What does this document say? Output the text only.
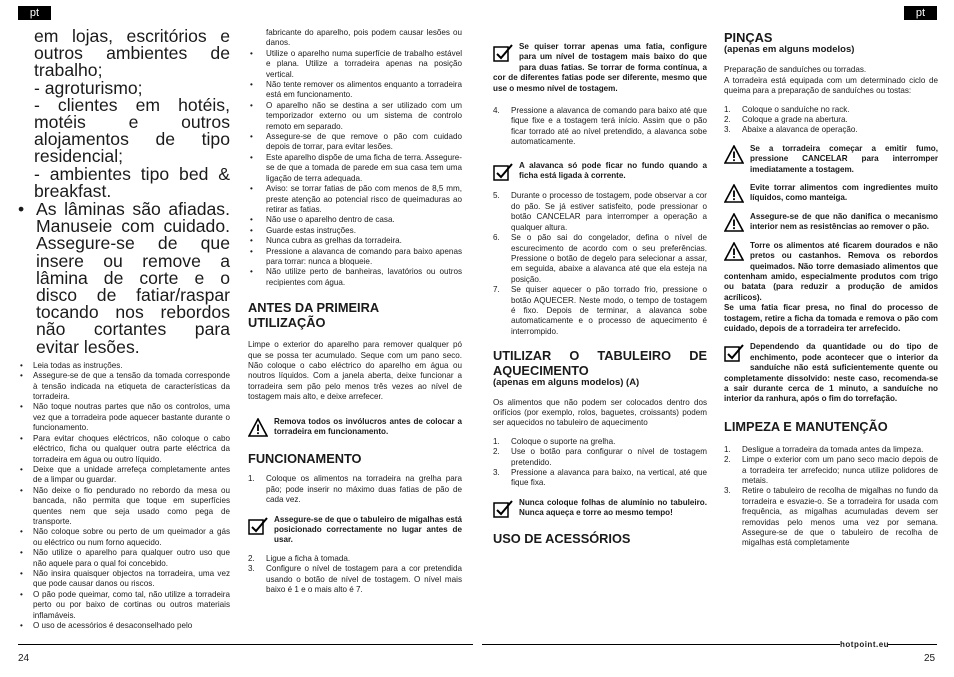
pt	pt

em lojas, escritórios e outros ambientes de trabalho;

- agroturismo;

- clientes em hotéis, motéis e outros alojamentos de tipo residencial;

- ambientes tipo bed & breakfast.

• As lâminas são afiadas. Manuseie com cuidado. Assegure-se de que insere ou remove a lâmina de corte e o disco de fatiar/raspar tocando nos rebordos não cortantes para evitar lesões.
• Leia todas as instruções.
• Assegure-se de que a tensão da tomada corresponde à tensão indicada na etiqueta de características da torradeira.
• Não toque noutras partes que não os controlos, uma vez que a torradeira pode aquecer bastante durante o funcionamento.
• Para evitar choques eléctricos, não coloque o cabo eléctrico, ficha ou qualquer outra parte eléctrica da torradeira em água ou outro líquido.
• Deixe que a unidade arrefeça completamente antes de a limpar ou guardar.
• Não deixe o fio pendurado no rebordo da mesa ou bancada, não permita que toque em superfícies quentes nem que seja usado como pega de transporte.
• Não coloque sobre ou perto de um queimador a gás ou eléctrico ou num forno aquecido.
• Não utilize o aparelho para qualquer outro uso que não aquele para o qual foi concebido.
• Não insira quaisquer objectos na torradeira, uma vez que pode causar danos ou riscos.
• O pão pode queimar, como tal, não utilize a torradeira perto ou por baixo de cortinas ou outros materiais inflamáveis.
• O uso de acessórios é desaconselhado pelo

fabricante do aparelho, pois podem causar lesões ou danos.

• Utilize o aparelho numa superfície de trabalho estável e plana. Utilize a torradeira apenas na posição vertical.
• Não tente remover os alimentos enquanto a torradeira está em funcionamento.
• O aparelho não se destina a ser utilizado com um temporizador externo ou um sistema de controlo remoto em separado.
• Assegure-se de que remove o pão com cuidado depois de torrar, para evitar lesões.
• Este aparelho dispõe de uma ficha de terra. Assegure-se de que a tomada de parede em sua casa tem uma ligação de terra adequada.
• Aviso: se torrar fatias de pão com menos de 8,5 mm, preste atenção ao potencial risco de queimaduras ao retirar as fatias.
• Não use o aparelho dentro de casa.
• Guarde estas instruções.
• Nunca cubra as grelhas da torradeira.
• Pressione a alavanca de comando para baixo apenas para torrar: nunca a bloqueie.
• Não utilize perto de banheiras, lavatórios ou outros recipientes com água.
ANTES DA PRIMEIRA UTILIZAÇÃO

Limpe o exterior do aparelho para remover qualquer pó que se possa ter acumulado. Seque com um pano seco. Não coloque o cabo eléctrico do aparelho em água ou noutros líquidos. Com a janela aberta, deixe funcionar a torradeira sem pão pelo menos três vezes ao nível de tostagem mais alto, e deixe arrefecer.

Remova todos os invólucros antes de colocar a torradeira em funcionamento.
FUNCIONAMENTO
1. Coloque os alimentos na torradeira na grelha para pão; pode inserir no máximo duas fatias de pão de cada vez.
Assegure-se de que o tabuleiro de migalhas está posicionado correctamente no lugar antes de usar.
2. Ligue a ficha à tomada.
3. Configure o nível de tostagem para a cor pretendida usando o botão de nível de tostagem. O nível mais baixo é 1 e o mais alto é 7.
Se quiser torrar apenas uma fatia, configure para um nível de tostagem mais baixo do que para duas fatias. Se torrar de forma contínua, a cor de diferentes fatias pode ser diferente, mesmo que use o mesmo nível de tostagem.
4. Pressione a alavanca de comando para baixo até que fique fixe e a tostagem terá início. Assim que o pão ficar torrado até ao nível pretendido, a alavanca sobe automaticamente.
A alavanca só pode ficar no fundo quando a ficha está ligada à corrente.
5. Durante o processo de tostagem, pode observar a cor do pão. Se já estiver satisfeito, pode pressionar o botão CANCELAR para interromper a operação a qualquer altura.
6. Se o pão sai do congelador, defina o nível de escurecimento de acordo com o seu preferências. Pressione o botão de degelo para selecionar a assar, em seguida, abaixe a alavanca até que ela esteja na posição.
7. Se quiser aquecer o pão torrado frio, pressione o botão AQUECER. Neste modo, o tempo de tostagem é fixo. Depois de terminar, a alavanca sobe automaticamente e o processo de aquecimento é interrompido.
UTILIZAR O TABULEIRO DE AQUECIMENTO
(apenas em alguns modelos) (A)

Os alimentos que não podem ser colocados dentro dos orifícios (por exemplo, rolos, baguetes, croissants) podem ser aquecidos no tabuleiro de aquecimento

1. Coloque o suporte na grelha.
2. Use o botão para configurar o nível de tostagem pretendido.
3. Pressione a alavanca para baixo, na vertical, até que fique fixa.
Nunca coloque folhas de alumínio no tabuleiro. Nunca aqueça e torre ao mesmo tempo!
USO DE ACESSÓRIOS
PINÇAS
(apenas em alguns modelos)

Preparação de sanduíches ou torradas.

A torradeira está equipada com um determinado ciclo de queima para a preparação de sanduíches ou tostas:

1. Coloque o sanduíche no rack.
2. Coloque a grade na abertura.
3. Abaixe a alavanca de operação.
Se a torradeira começar a emitir fumo, pressione CANCELAR para interromper imediatamente a tostagem.
Evite torrar alimentos com ingredientes muito líquidos, como manteiga.
Assegure-se de que não danifica o mecanismo interior nem as resistências ao remover o pão.
Torre os alimentos até ficarem dourados e não pretos ou castanhos. Remova os rebordos queimados. Não torre demasiado alimentos que contenham amido, especialmente produtos com trigo ou batata (para reduzir a produção de amidos acrílicos).

Se uma fatia ficar presa, no final do processo de tostagem, retire a ficha da tomada e remova o pão com cuidado, depois de a torradeira ter arrefecido.

Dependendo da quantidade ou do tipo de enchimento, pode acontecer que o interior da sanduíche não está suficientemente quente ou completamente dissolvido: neste caso, recomenda-se a sair durante cerca de 1 minuto, a sanduíche no interior da ranhura, após o fim do torrefação.
LIMPEZA E MANUTENÇÃO
1. Desligue a torradeira da tomada antes da limpeza.
2. Limpe o exterior com um pano seco macio depois de a torradeira ter arrefecido; nunca utilize polidores de metais.
3. Retire o tabuleiro de recolha de migalhas no fundo da torradeira e esvazie-o. Se a torradeira for usada com frequência, as migalhas acumuladas devem ser removidas pelo menos uma vez por semana. Assegure-se de que o tabuleiro de recolha de migalhas está completamente
hotpoint.eu
24	25
